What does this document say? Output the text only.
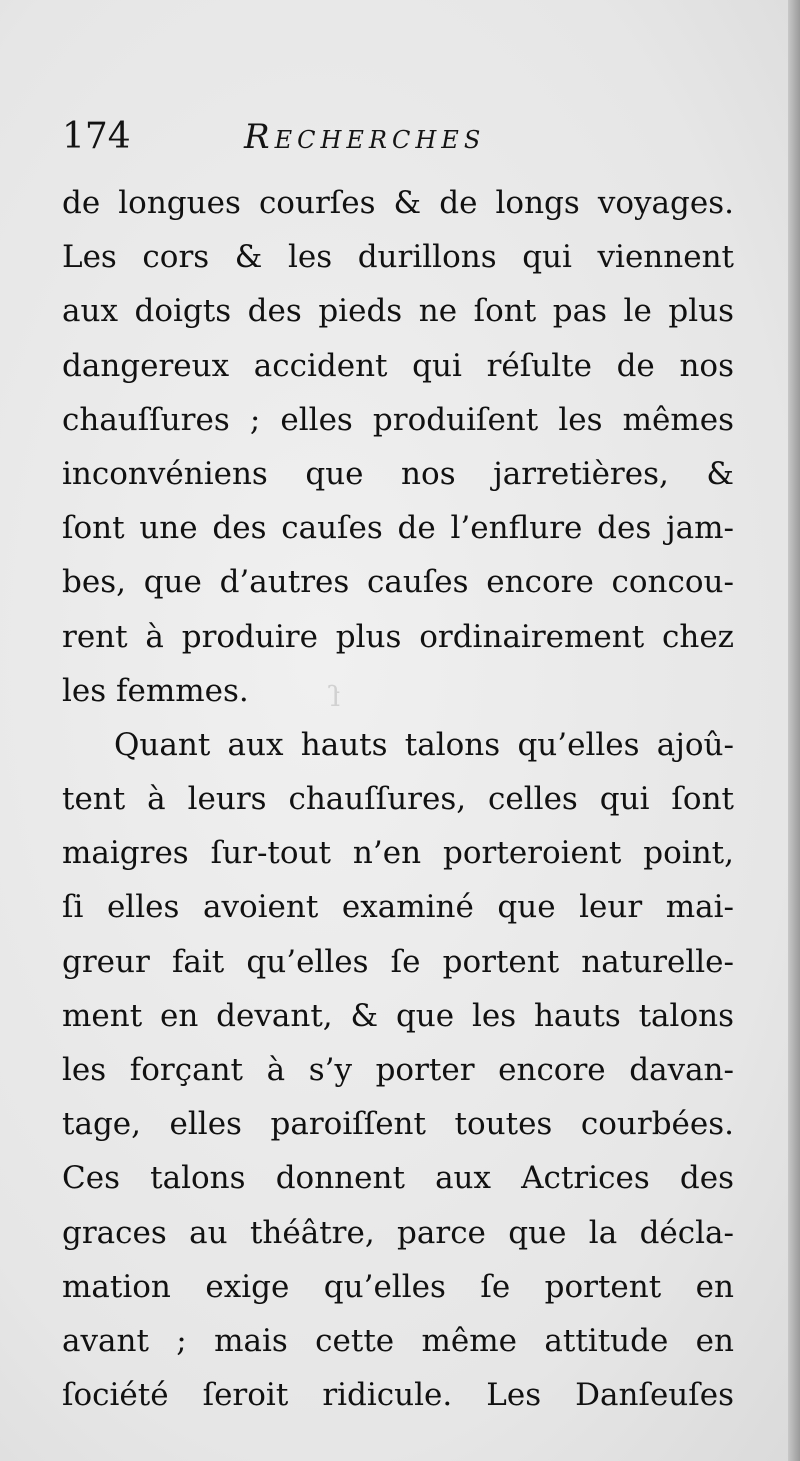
ſ
174	Recherches
de longues courſes & de longs voyages.
Les cors & les durillons qui viennent
aux doigts des pieds ne ſont pas le plus
dangereux accident qui réſulte de nos
chauſſures ; elles produiſent les mêmes
inconvéniens que nos jarretières, &
ſont une des cauſes de l’enflure des jam-
bes, que d’autres cauſes encore concou-
rent à produire plus ordinairement chez
les femmes.
Quant aux hauts talons qu’elles ajoû-
tent à leurs chauſſures, celles qui ſont
maigres ſur-tout n’en porteroient point,
ſi elles avoient examiné que leur mai-
greur fait qu’elles ſe portent naturelle-
ment en devant, & que les hauts talons
les forçant à s’y porter encore davan-
tage, elles paroiſſent toutes courbées.
Ces talons donnent aux Actrices des
graces au théâtre, parce que la décla-
mation exige qu’elles ſe portent en
avant ; mais cette même attitude en
ſociété ſeroit ridicule. Les Danſeuſes
